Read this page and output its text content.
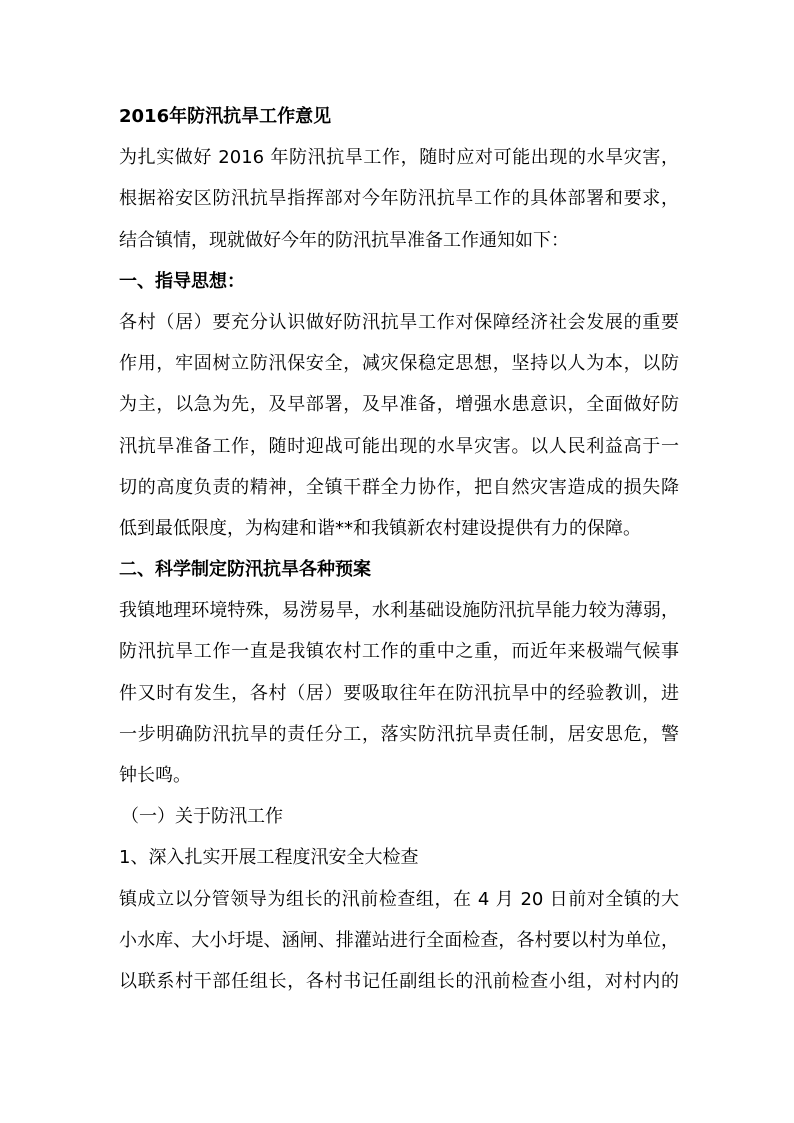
2016年防汛抗旱工作意见
为扎实做好 2016 年防汛抗旱工作，随时应对可能出现的水旱灾害，
根据裕安区防汛抗旱指挥部对今年防汛抗旱工作的具体部署和要求，
结合镇情，现就做好今年的防汛抗旱准备工作通知如下：
一、指导思想：
各村（居）要充分认识做好防汛抗旱工作对保障经济社会发展的重要
作用，牢固树立防汛保安全，减灾保稳定思想，坚持以人为本，以防
为主，以急为先，及早部署，及早准备，增强水患意识，全面做好防
汛抗旱准备工作，随时迎战可能出现的水旱灾害。以人民利益高于一
切的高度负责的精神，全镇干群全力协作，把自然灾害造成的损失降
低到最低限度，为构建和谐**和我镇新农村建设提供有力的保障。
二、科学制定防汛抗旱各种预案
我镇地理环境特殊，易涝易旱，水利基础设施防汛抗旱能力较为薄弱，
防汛抗旱工作一直是我镇农村工作的重中之重，而近年来极端气候事
件又时有发生，各村（居）要吸取往年在防汛抗旱中的经验教训，进
一步明确防汛抗旱的责任分工，落实防汛抗旱责任制，居安思危，警
钟长鸣。
（一）关于防汛工作
1、深入扎实开展工程度汛安全大检查
镇成立以分管领导为组长的汛前检查组，在 4 月 20 日前对全镇的大
小水库、大小圩堤、涵闸、排灌站进行全面检查，各村要以村为单位，
以联系村干部任组长，各村书记任副组长的汛前检查小组，对村内的
